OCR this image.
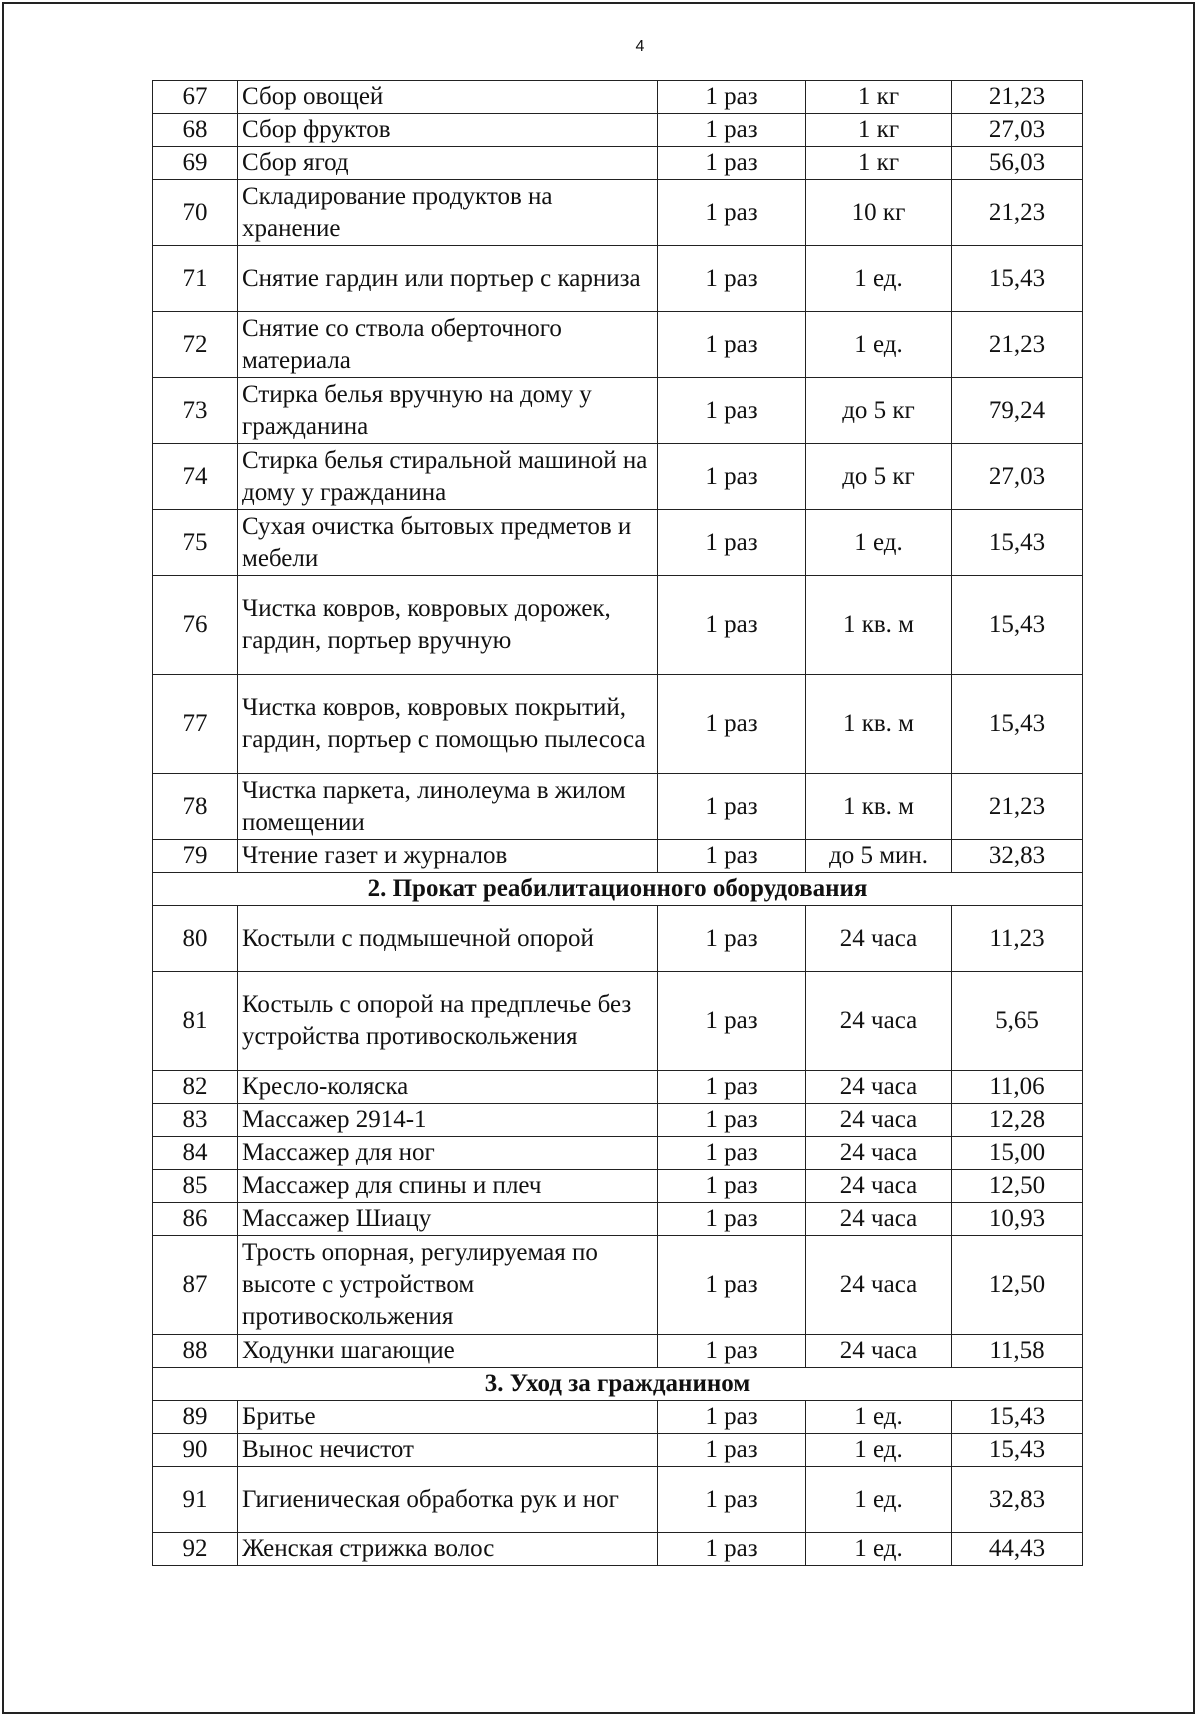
4
67	Сбор овощей	1 раз	1 кг	21,23
68	Сбор фруктов	1 раз	1 кг	27,03
69	Сбор ягод	1 раз	1 кг	56,03
70	Складирование продуктов на хранение	1 раз	10 кг	21,23
71	Снятие гардин или портьер с карниза	1 раз	1 ед.	15,43
72	Снятие со ствола оберточного материала	1 раз	1 ед.	21,23
73	Стирка белья вручную на дому у гражданина	1 раз	до 5 кг	79,24
74	Стирка белья стиральной машиной на дому у гражданина	1 раз	до 5 кг	27,03
75	Сухая очистка бытовых предметов и мебели	1 раз	1 ед.	15,43
76	Чистка ковров, ковровых дорожек, гардин, портьер вручную	1 раз	1 кв. м	15,43
77	Чистка ковров, ковровых покрытий, гардин, портьер с помощью пылесоса	1 раз	1 кв. м	15,43
78	Чистка паркета, линолеума в жилом помещении	1 раз	1 кв. м	21,23
79	Чтение газет и журналов	1 раз	до 5 мин.	32,83
2. Прокат реабилитационного оборудования				
80	Костыли с подмышечной опорой	1 раз	24 часа	11,23
81	Костыль с опорой на предплечье без устройства противоскольжения	1 раз	24 часа	5,65
82	Кресло-коляска	1 раз	24 часа	11,06
83	Массажер 2914-1	1 раз	24 часа	12,28
84	Массажер для ног	1 раз	24 часа	15,00
85	Массажер для спины и плеч	1 раз	24 часа	12,50
86	Массажер Шиацу	1 раз	24 часа	10,93
87	Трость опорная, регулируемая по высоте с устройством противоскольжения	1 раз	24 часа	12,50
88	Ходунки шагающие	1 раз	24 часа	11,58
3. Уход за гражданином				
89	Бритье	1 раз	1 ед.	15,43
90	Вынос нечистот	1 раз	1 ед.	15,43
91	Гигиеническая обработка рук и ног	1 раз	1 ед.	32,83
92	Женская стрижка волос	1 раз	1 ед.	44,43
